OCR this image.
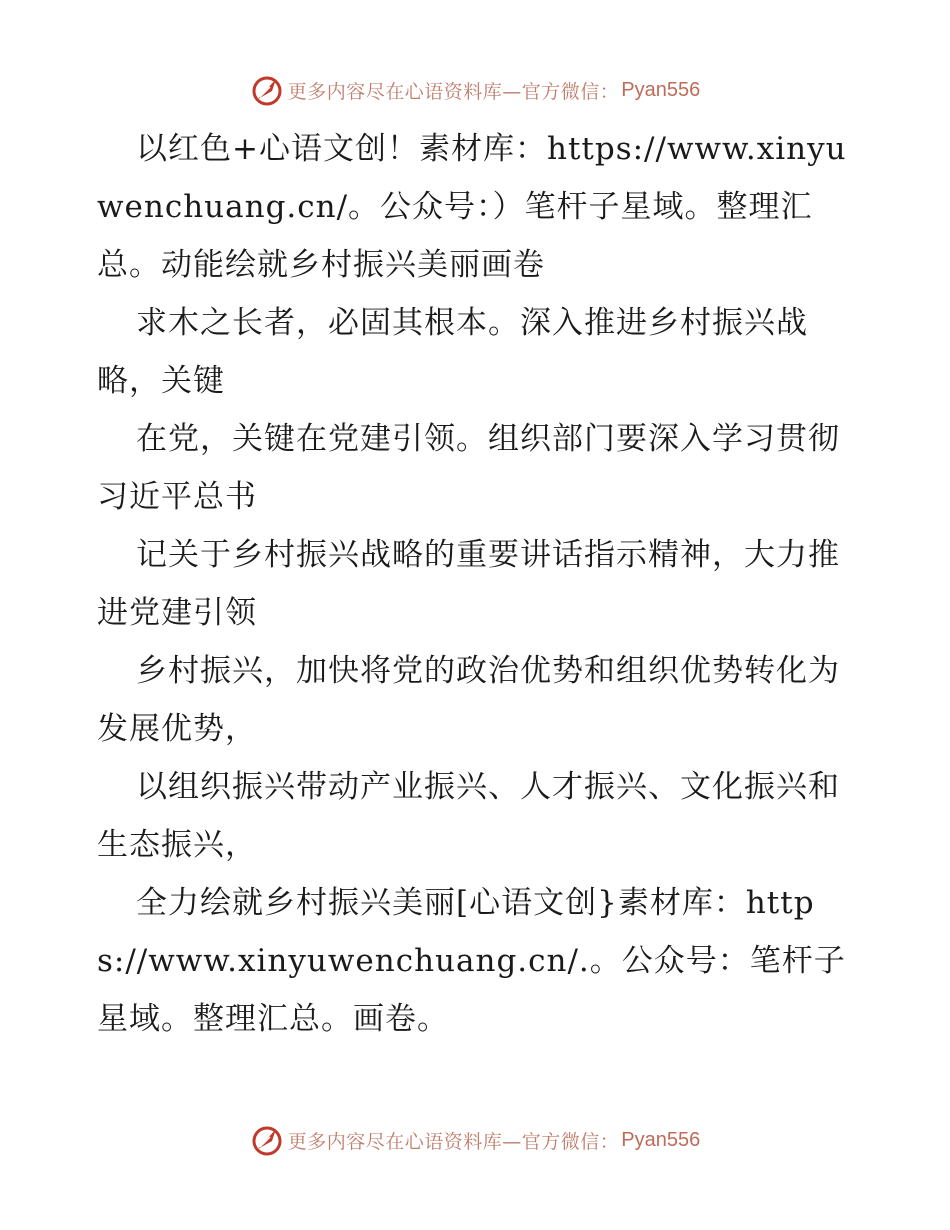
更多内容尽在心语资料库 —官方微信： Pyan556

以红色+心语文创！素材库：https://www.xinyuwenchuang.cn/。公众号：）笔杆子星域。整理汇总。动能绘就乡村振兴美丽画卷

求木之长者，必固其根本。深入推进乡村振兴战略，关键

在党，关键在党建引领。组织部门要深入学习贯彻习近平总书

记关于乡村振兴战略的重要讲话指示精神，大力推进党建引领

乡村振兴，加快将党的政治优势和组织优势转化为发展优势，

以组织振兴带动产业振兴、人才振兴、文化振兴和生态振兴，

全力绘就乡村振兴美丽[心语文创}素材库：https://www.xinyuwenchuang.cn/.。公众号：笔杆子星域。整理汇总。画卷。

更多内容尽在心语资料库 —官方微信： Pyan556
